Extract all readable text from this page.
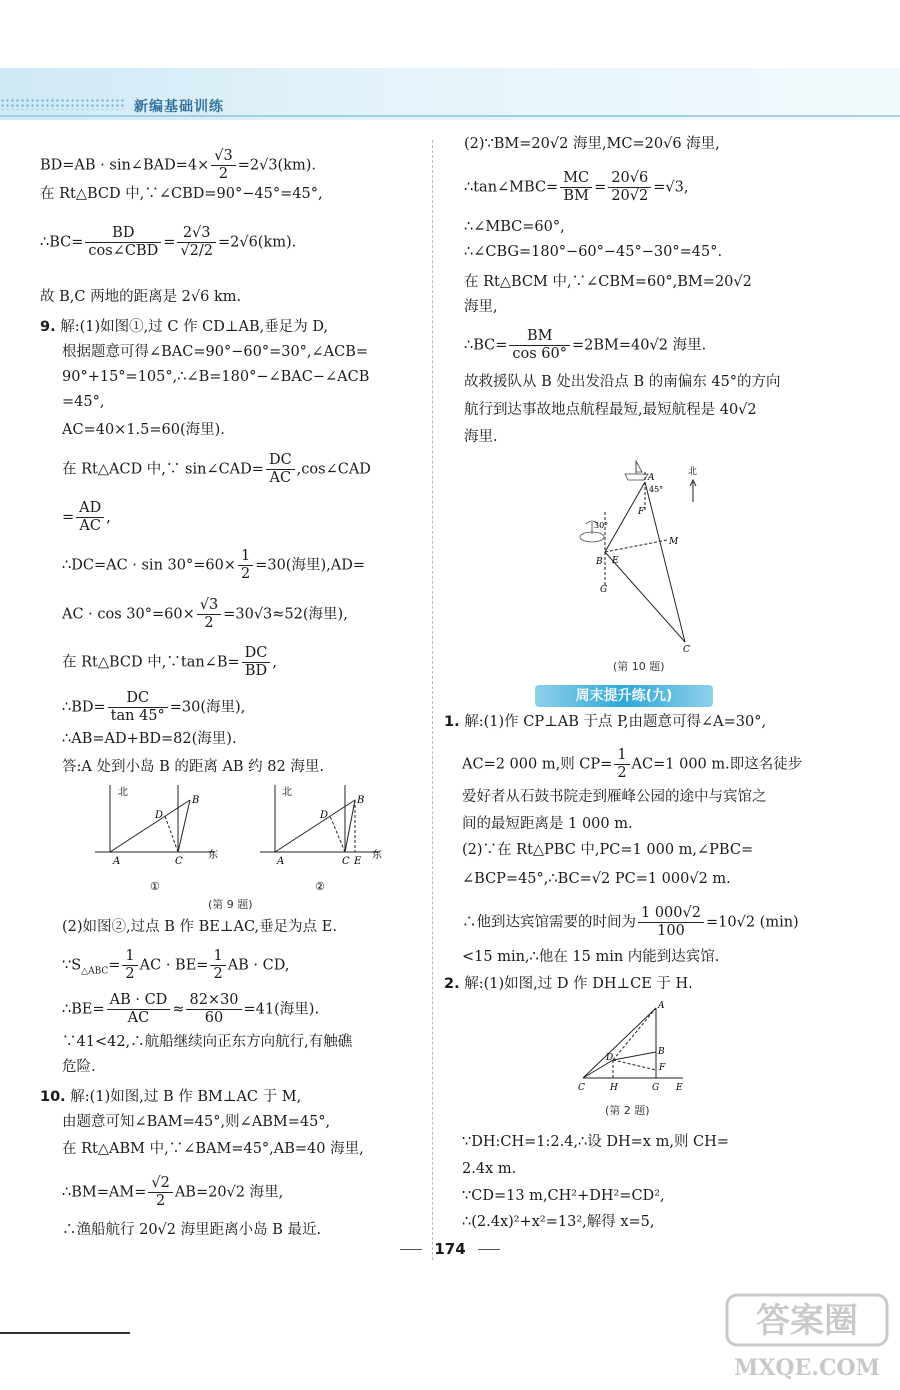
新编基础训练
BD=AB · sin∠BAD=4× $\frac{√3}{2} =2√3(km)$.
在 Rt△BCD 中,∵∠CBD=90°−45°=45°,
∴BC= $\frac{BD}{\text{cos∠CBD}} = \frac{2√3}{√2/2} =2√6(km)$.
故 B,C 两地的距离是 2√6 km.
9. 解:(1)如图①,过 C 作 CD⊥AB,垂足为 D,
根据题意可得∠BAC=90°−60°=30°,∠ACB=
90°+15°=105°,∴∠B=180°−∠BAC−∠ACB
=45°,
AC=40×1.5=60(海里).
在 Rt△ACD 中,∵ sin∠CAD= $\frac{DC}{AC}$ ,cos∠CAD
= $\frac{AD}{AC}$ ,
∴DC=AC · $\sin 30^\circ=60\times \frac{1}{2} =30$(海里),AD=
AC · $\cos 30^\circ=60\times \frac{√3}{2} =30√3\approx 52$(海里),
在 Rt△BCD 中,∵tan∠B= $\frac{DC}{BD}$ ,
∴BD= $\frac{DC}{\tan 45^\circ} =30$(海里),
∴AB=AD+BD=82(海里).
答:A 处到小岛 B 的距离 AB 约 82 海里.
北
A
B
D
C
东
①
北
A
B
D
C E
东
②
(第 9 题)
(2)如图②,过点 B 作 BE⊥AC,垂足为点 E.
$\because S_{\triangle ABC}= \frac{1}{2}$ AC · $BE= \frac{1}{2}$ AB · CD,
∴BE= $\frac{AB \cdot CD}{AC} \approx \frac{82\times 30}{60} =41$(海里).
∵41<42,∴航船继续向正东方向航行,有触礁
危险.
10. 解:(1)如图,过 B 作 BM⊥AC 于 M,
由题意可知∠BAM=45°,则∠ABM=45°,
在 Rt△ABM 中,∵∠BAM=45°,AB=40 海里,
∴BM=AM= $\frac{√2}{2} AB=20√2$ 海里,
∴渔船航行 20√2 海里距离小岛 B 最近.
(2)∵BM=20√2 海里,MC=20√6 海里,
∴tan∠MBC= $\frac{MC}{BM} = \frac{20√6}{20√2} =√3$,
∴∠MBC=60°,
∴∠CBG=180°−60°−45°−30°=45°.
在 Rt△BCM 中,∵∠CBM=60°,BM=20√2
海里,
∴BC= $\frac{BM}{\cos 60^\circ} =2BM=40√2$ 海里.
故救援队从 B 处出发沿点 B 的南偏东 45°的方向
航行到达事故地点航程最短,最短航程是 40√2
海里.
北
A
45°
F
M
30°
B E
G
C
(第 10 题)
周末提升练(九)
1. 解:(1)作 CP⊥AB 于点 P,由题意可得∠A=30°,
AC=2 000 m,则 $CP= \frac{1}{2} AC=1$ 000 m.即这名徒步
爱好者从石鼓书院走到雁峰公园的途中与宾馆之
间的最短距离是 1 000 m.
(2)∵在 Rt△PBC 中,PC=1 000 m,∠PBC=
∠BCP=45°,∴BC=√2 PC=1 000√2 m.
∴他到达宾馆需要的时间为 $\frac{1 000√2}{100} =10√2$ (min)
<15 min,∴他在 15 min 内能到达宾馆.
2. 解:(1)如图,过 D 作 DH⊥CE 于 H.
A
B
D
F
C	H	G E
(第 2 题)
∵DH:CH=1:2.4,∴设 DH=x m,则 CH=
2.4x m.
∵CD=13 m,CH²+DH²=CD²,
∴(2.4x)²+x²=13²,解得 x=5,
174
答案圈
MXQE.COM
